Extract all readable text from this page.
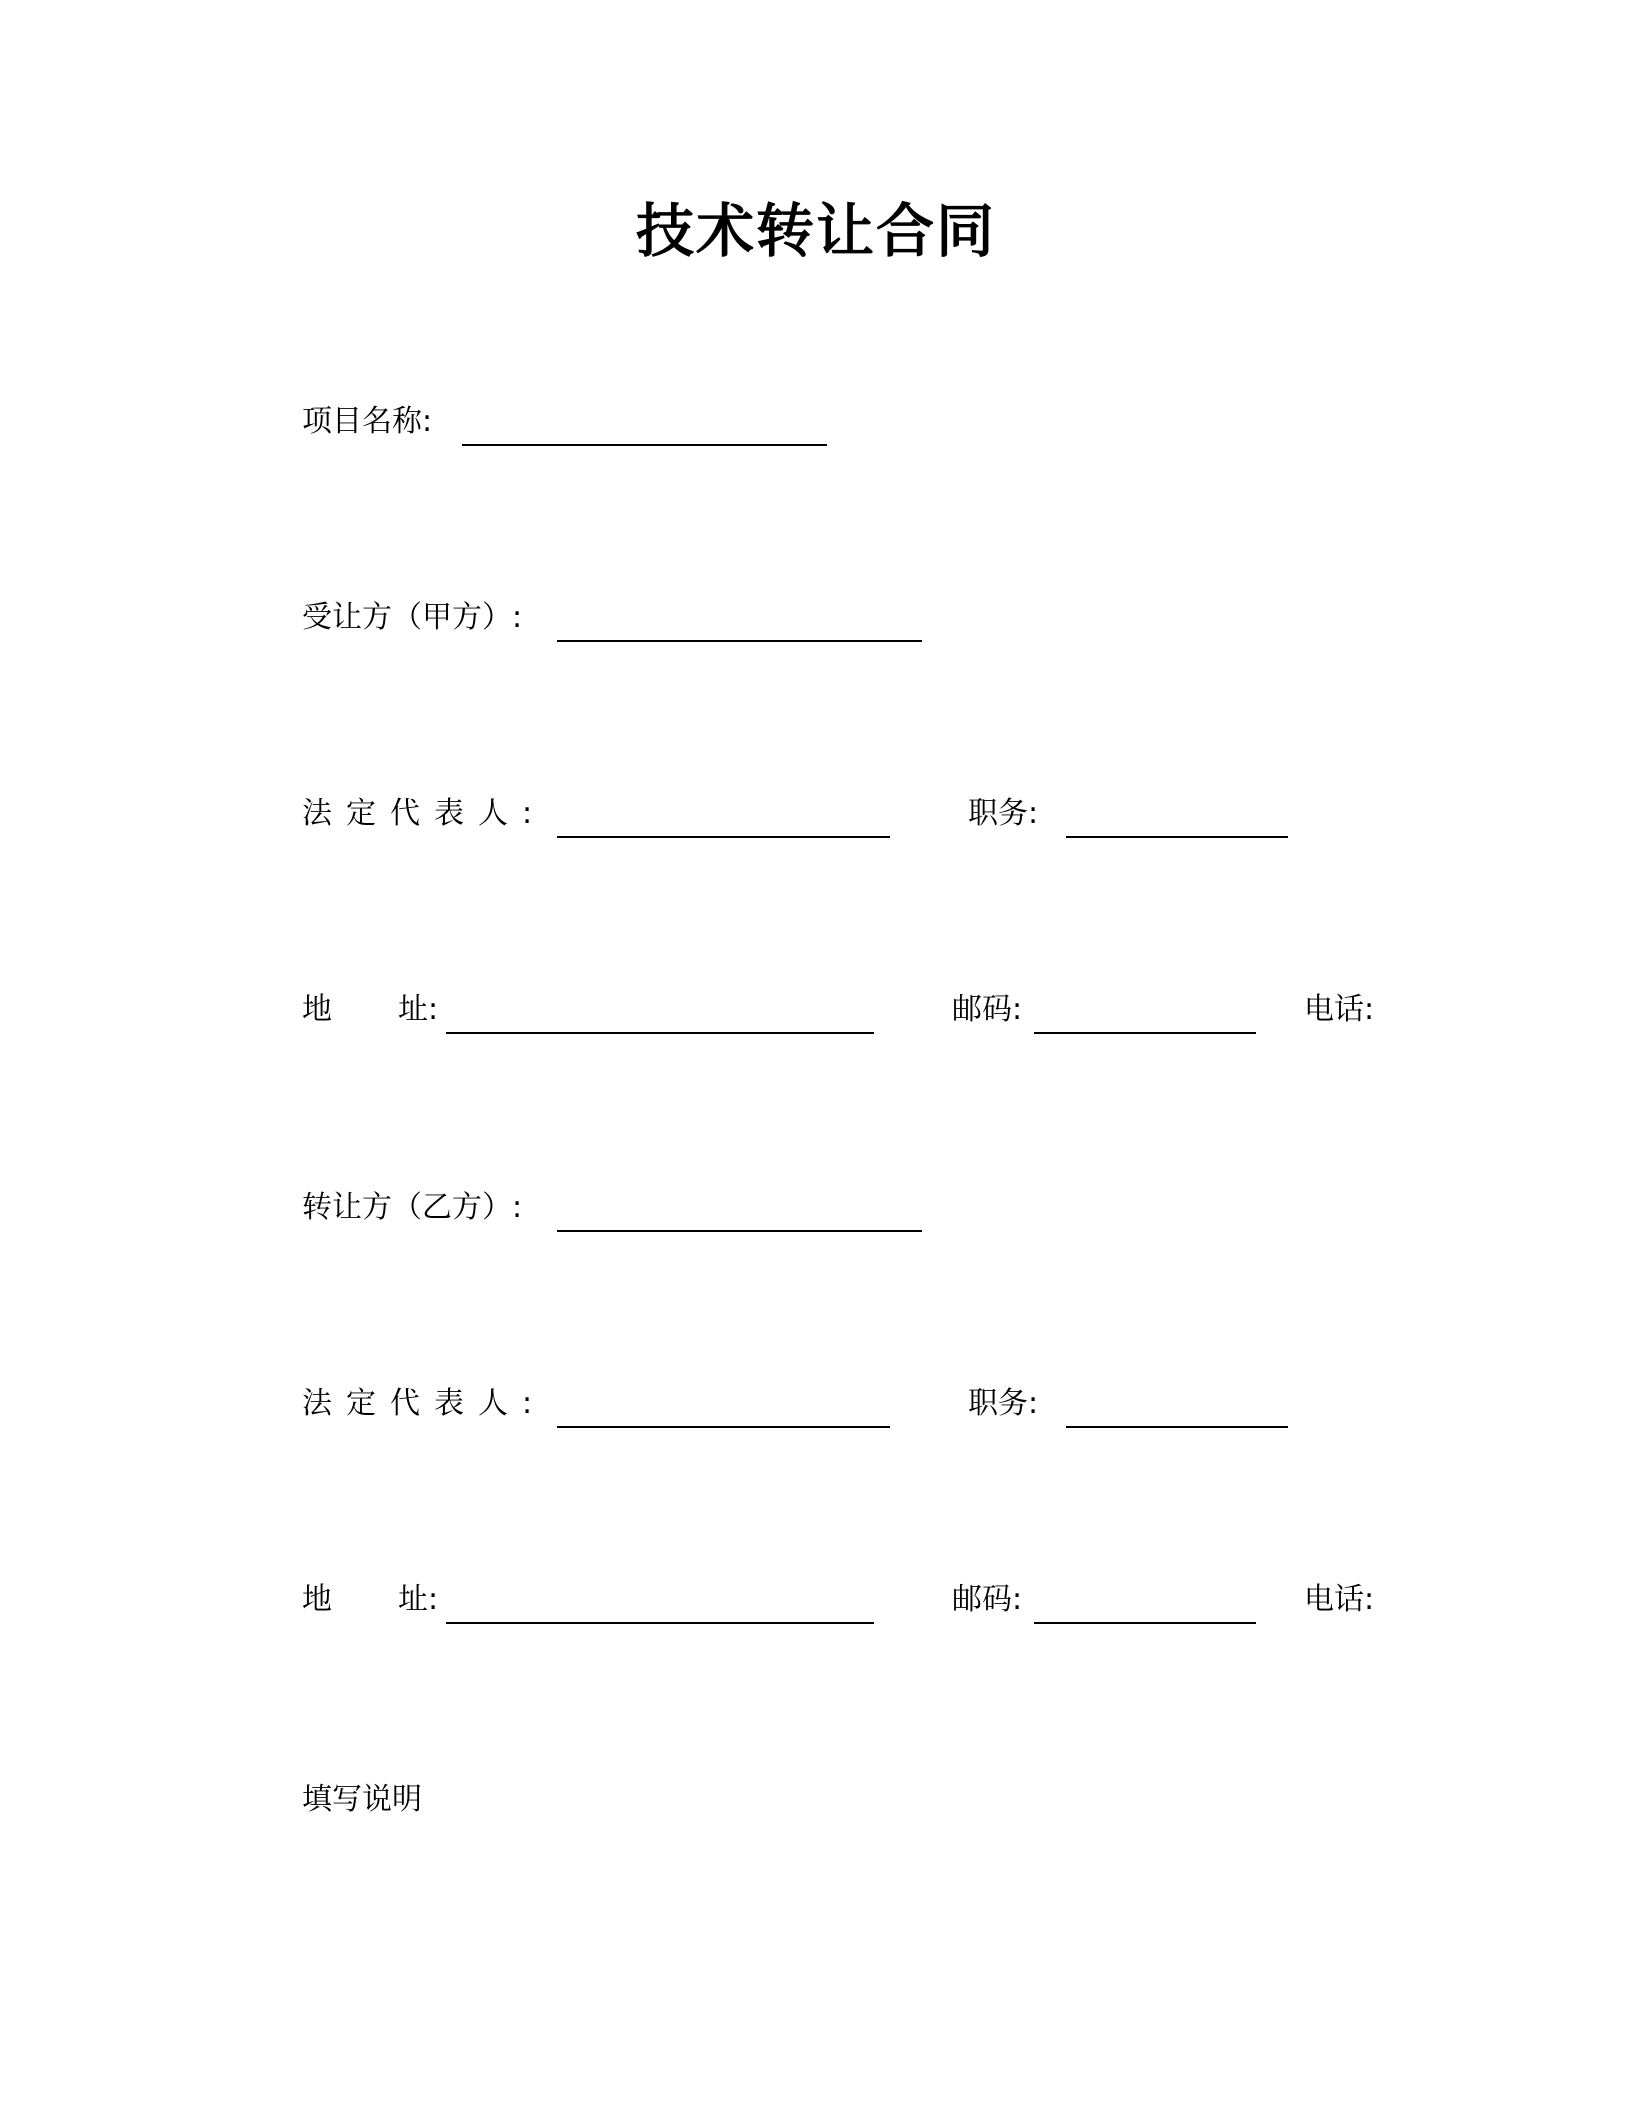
技术转让合同
项目名称:
受让方（甲方）:
法定代表人:	职务:
地 址:	邮码:	电话:
转让方（乙方）:
法定代表人:	职务:
地 址:	邮码:	电话:
填写说明
